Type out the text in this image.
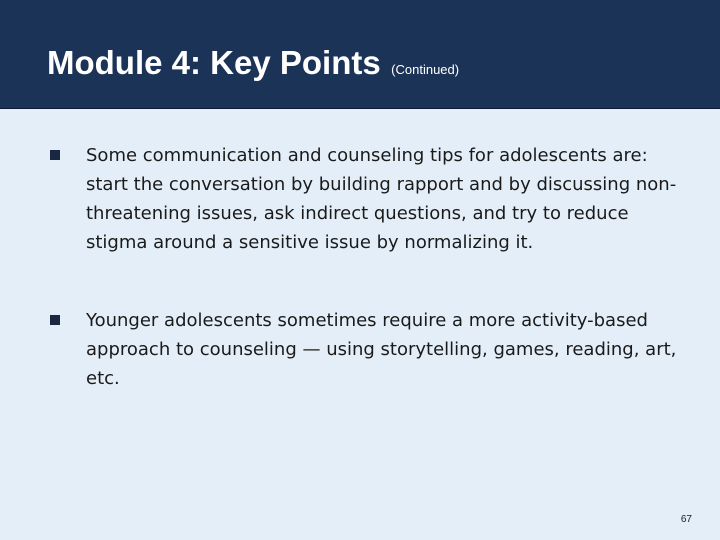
Module 4: Key Points (Continued)
Some communication and counseling tips for adolescents are: start the conversation by building rapport and by discussing non-threatening issues, ask indirect questions, and try to reduce stigma around a sensitive issue by normalizing it.
Younger adolescents sometimes require a more activity-based approach to counseling — using storytelling, games, reading, art, etc.
67
